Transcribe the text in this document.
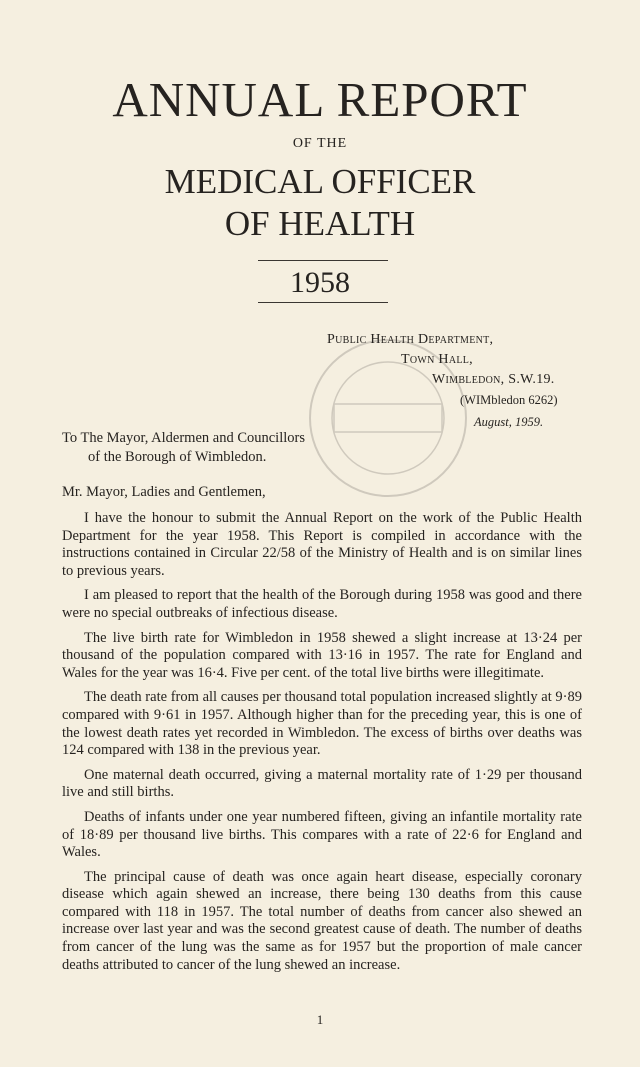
ANNUAL REPORT
OF THE
MEDICAL OFFICER
OF HEALTH
1958
Public Health Department,
Town Hall,
Wimbledon, S.W.19.
(WIMbledon 6262)
August, 1959.
To The Mayor, Aldermen and Councillors
of the Borough of Wimbledon.
Mr. Mayor, Ladies and Gentlemen,

I have the honour to submit the Annual Report on the work of the Public Health Department for the year 1958. This Report is compiled in accordance with the instructions contained in Circular 22/58 of the Ministry of Health and is on similar lines to previous years.

I am pleased to report that the health of the Borough during 1958 was good and there were no special outbreaks of infectious disease.

The live birth rate for Wimbledon in 1958 shewed a slight increase at 13·24 per thousand of the population compared with 13·16 in 1957. The rate for England and Wales for the year was 16·4. Five per cent. of the total live births were illegitimate.

The death rate from all causes per thousand total population increased slightly at 9·89 compared with 9·61 in 1957. Although higher than for the preceding year, this is one of the lowest death rates yet recorded in Wimbledon. The excess of births over deaths was 124 compared with 138 in the previous year.

One maternal death occurred, giving a maternal mortality rate of 1·29 per thousand live and still births.

Deaths of infants under one year numbered fifteen, giving an infantile mortality rate of 18·89 per thousand live births. This compares with a rate of 22·6 for England and Wales.

The principal cause of death was once again heart disease, especially coronary disease which again shewed an increase, there being 130 deaths from this cause compared with 118 in 1957. The total number of deaths from cancer also shewed an increase over last year and was the second greatest cause of death. The number of deaths from cancer of the lung was the same as for 1957 but the proportion of male cancer deaths attributed to cancer of the lung shewed an increase.

1
